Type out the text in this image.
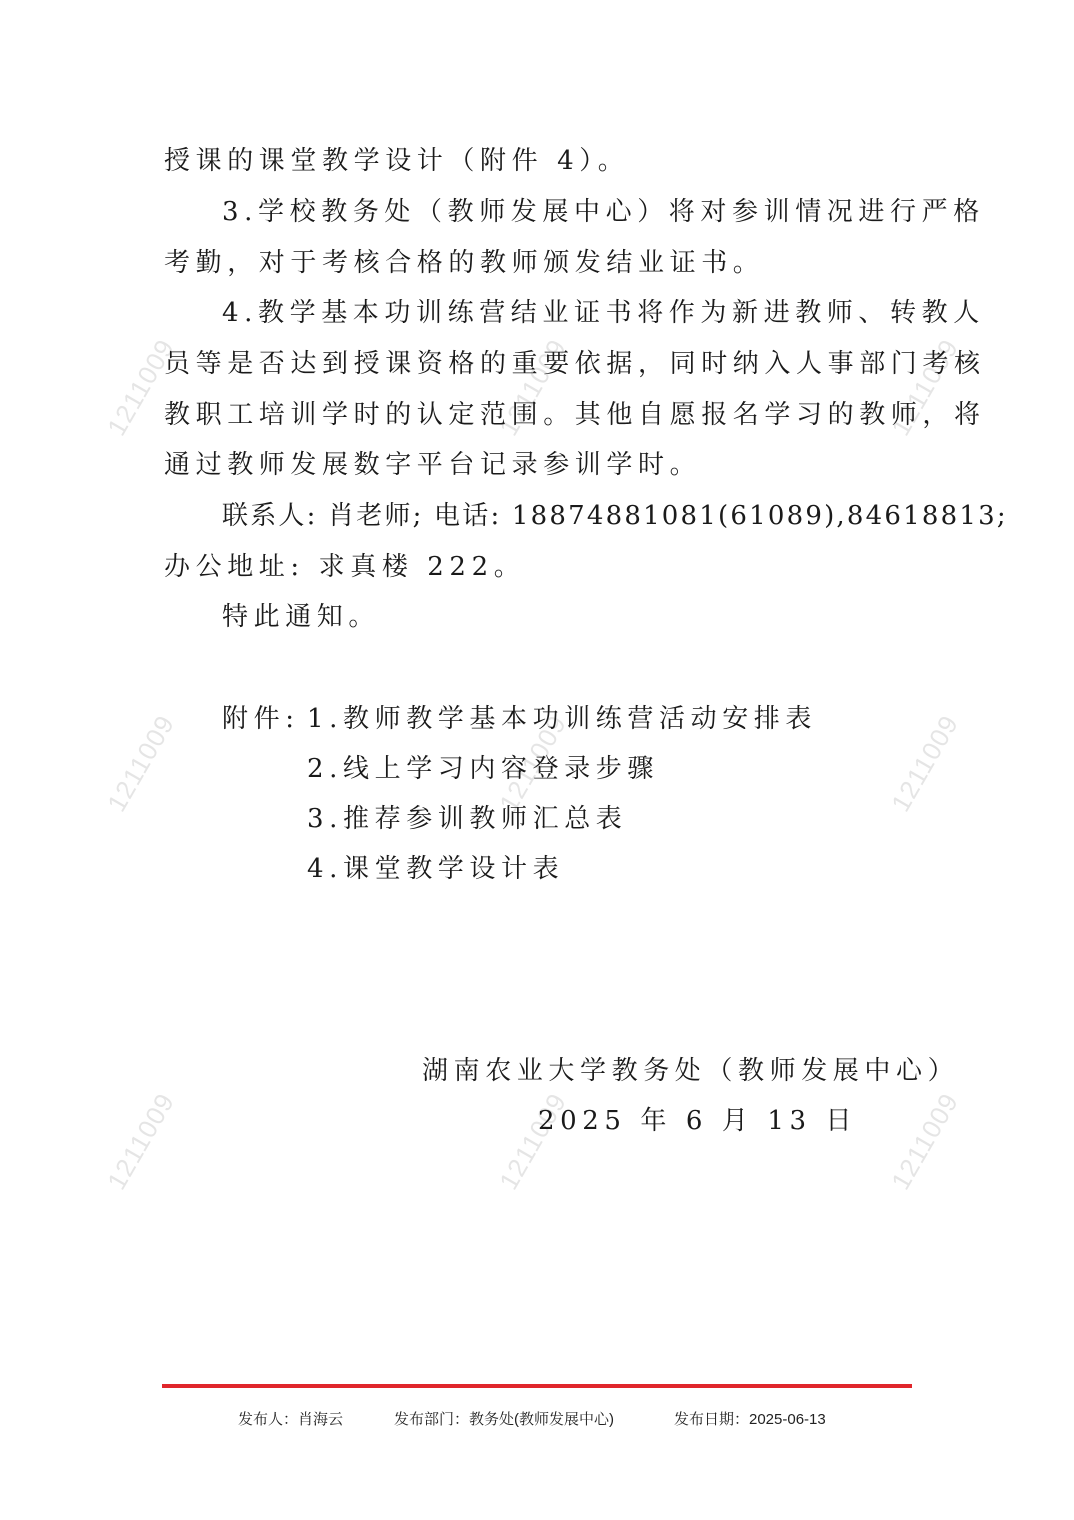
1211009	1211009	1211009
1211009	1211009	1211009
1211009	1211009	1211009
授课的课堂教学设计（附件 4）。
3.学校教务处（教师发展中心）将对参训情况进行严格
考勤，对于考核合格的教师颁发结业证书。
4.教学基本功训练营结业证书将作为新进教师、转教人
员等是否达到授课资格的重要依据，同时纳入人事部门考核
教职工培训学时的认定范围。其他自愿报名学习的教师，将
通过教师发展数字平台记录参训学时。
联系人: 肖老师; 电话: 18874881081(61089),84618813;
办公地址: 求真楼 222。
特此通知。
附件: 1.教师教学基本功训练营活动安排表
2.线上学习内容登录步骤
3.推荐参训教师汇总表
4.课堂教学设计表
湖南农业大学教务处（教师发展中心）
2025 年 6 月 13 日
发布人：肖海云	发布部门：教务处(教师发展中心)	发布日期：2025-06-13
